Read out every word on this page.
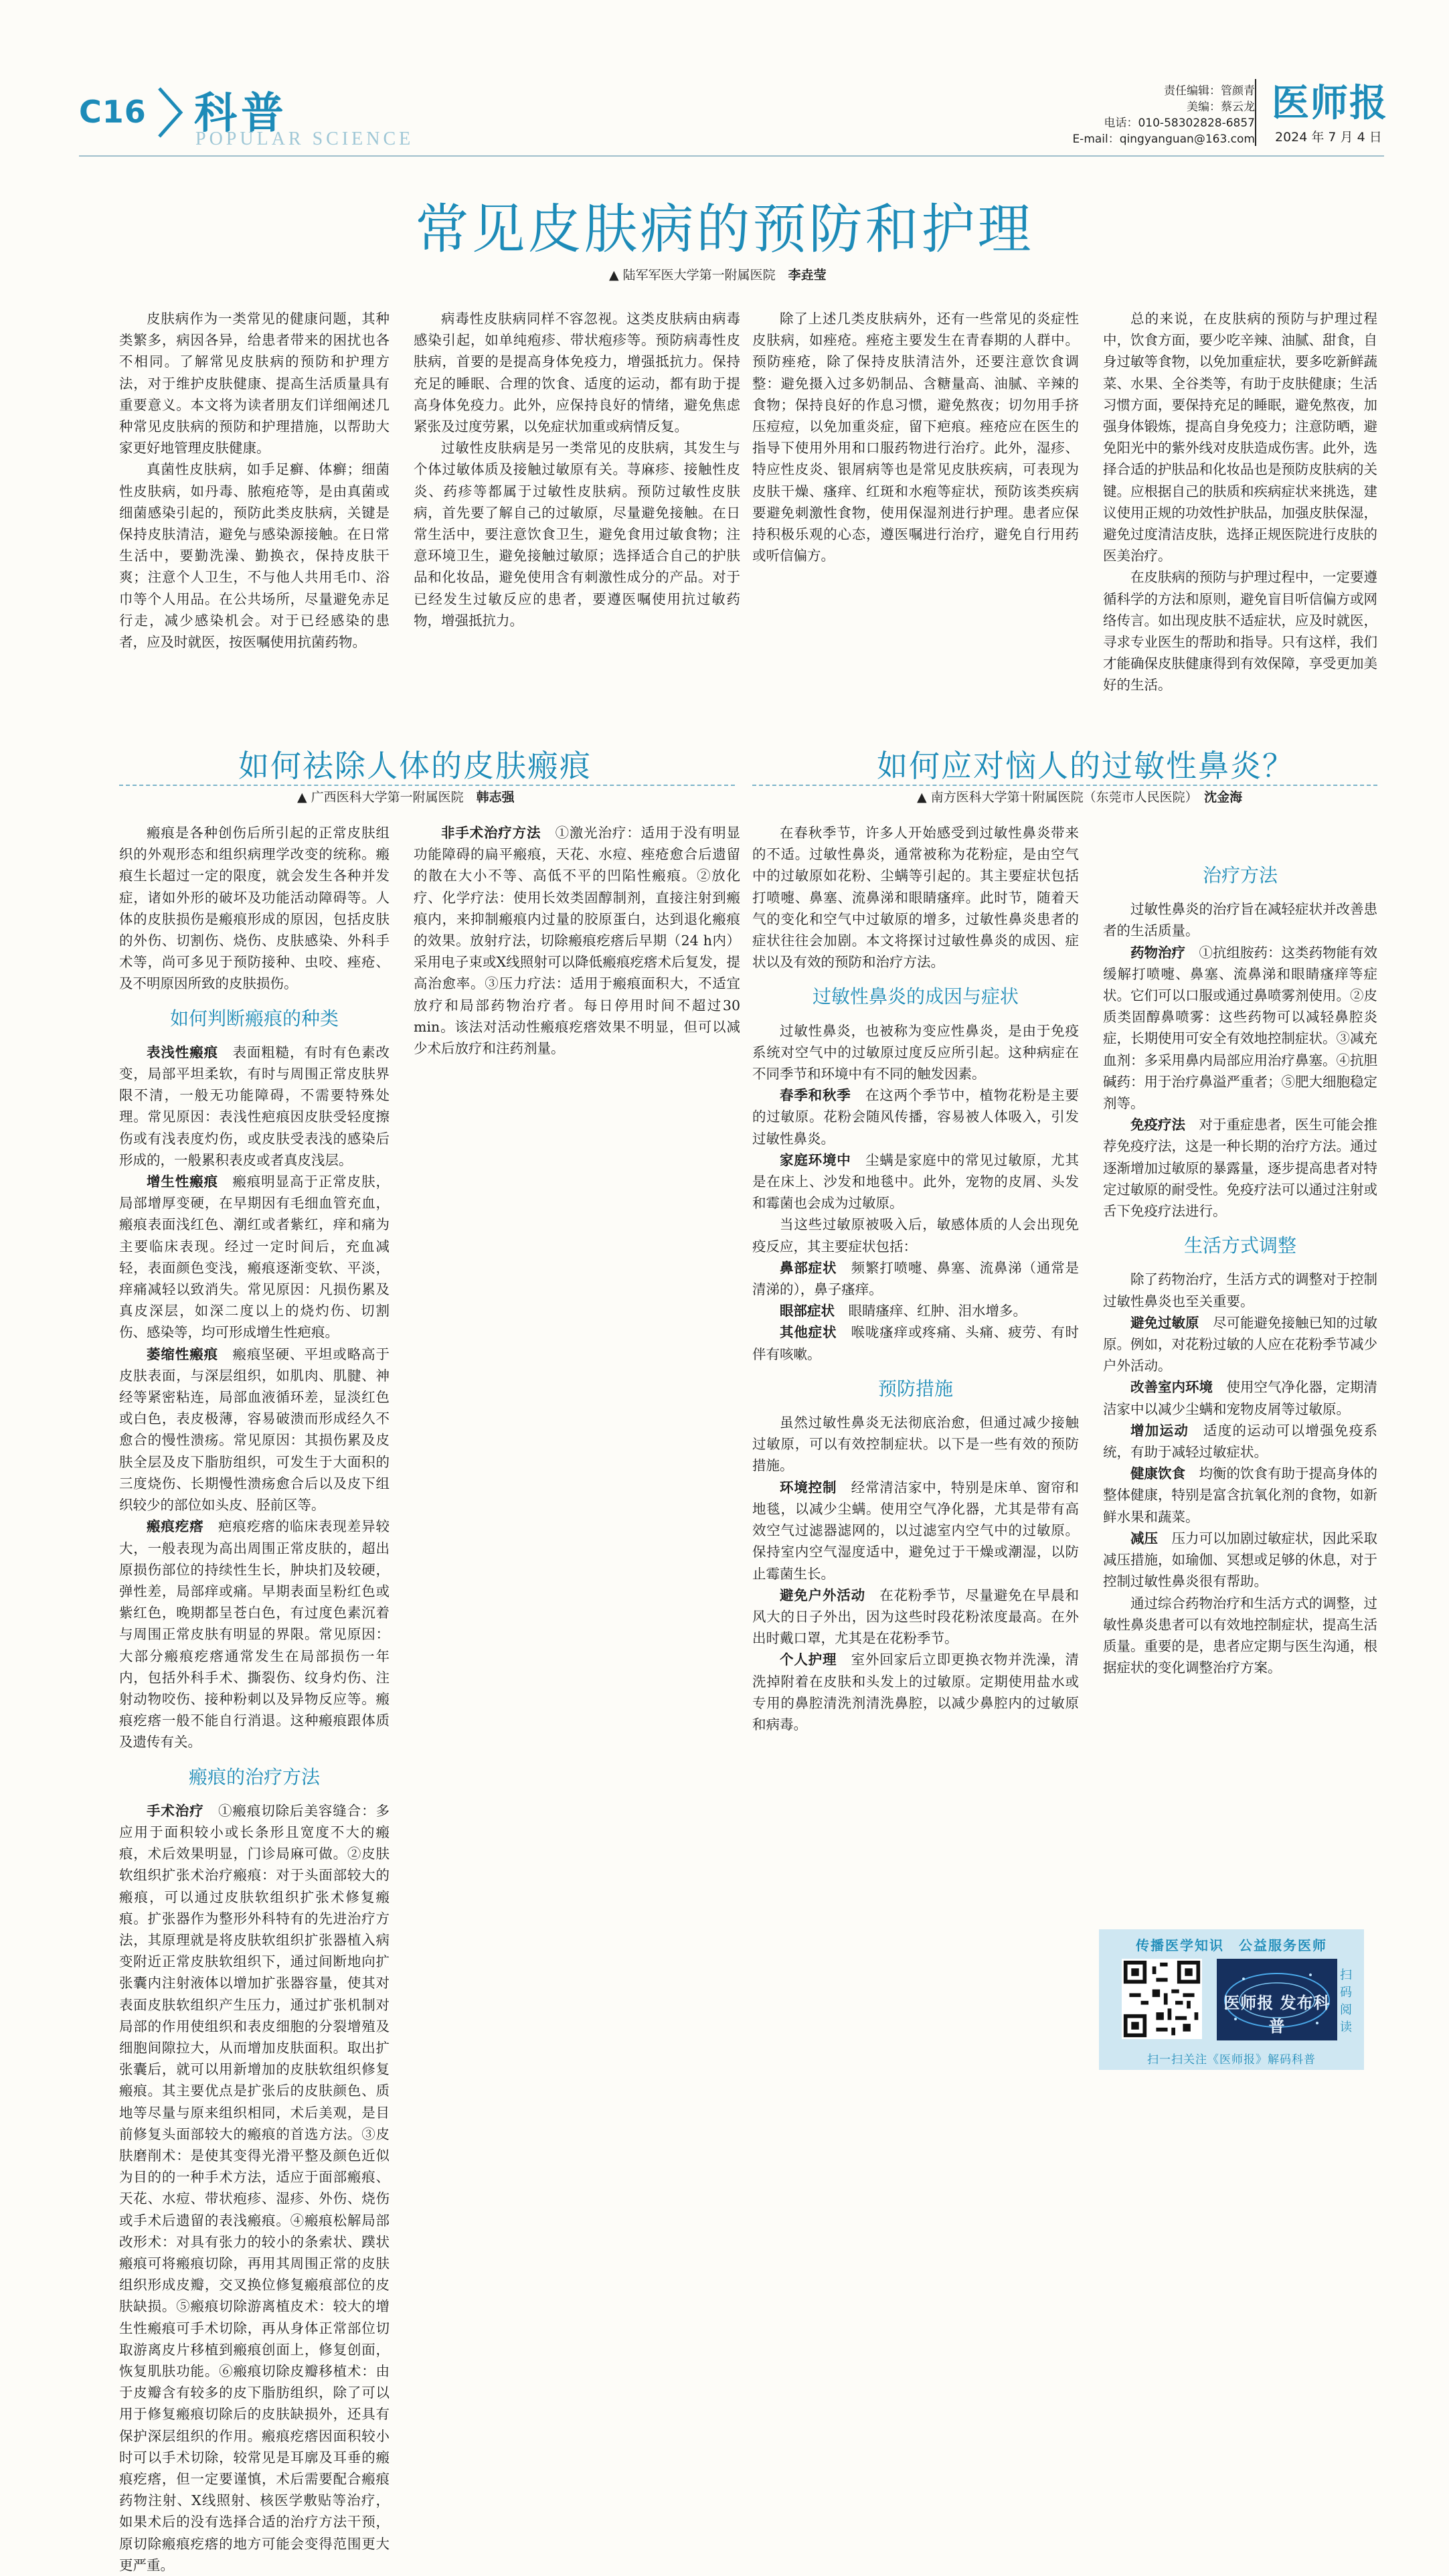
C16 科普
POPULAR SCIENCE
责任编辑：管颜青
美编：蔡云龙
电话：010-58302828-6857
E-mail：qingyanguan@163.com
医师报
2024 年 7 月 4 日
常见皮肤病的预防和护理
▲ 陆军军医大学第一附属医院　 李垚莹

皮肤病作为一类常见的健康问题，其种类繁多，病因各异，给患者带来的困扰也各不相同。了解常见皮肤病的预防和护理方法，对于维护皮肤健康、提高生活质量具有重要意义。本文将为读者朋友们详细阐述几种常见皮肤病的预防和护理措施，以帮助大家更好地管理皮肤健康。

真菌性皮肤病，如手足癣、体癣；细菌性皮肤病，如丹毒、脓疱疮等，是由真菌或细菌感染引起的，预防此类皮肤病，关键是保持皮肤清洁，避免与感染源接触。在日常生活中，要勤洗澡、勤换衣，保持皮肤干爽；注意个人卫生，不与他人共用毛巾、浴巾等个人用品。在公共场所，尽量避免赤足行走，减少感染机会。对于已经感染的患者，应及时就医，按医嘱使用抗菌药物。

病毒性皮肤病同样不容忽视。这类皮肤病由病毒感染引起，如单纯疱疹、带状疱疹等。预防病毒性皮肤病，首要的是提高身体免疫力，增强抵抗力。保持充足的睡眠、合理的饮食、适度的运动，都有助于提高身体免疫力。此外，应保持良好的情绪，避免焦虑紧张及过度劳累，以免症状加重或病情反复。

过敏性皮肤病是另一类常见的皮肤病，其发生与个体过敏体质及接触过敏原有关。荨麻疹、接触性皮炎、药疹等都属于过敏性皮肤病。预防过敏性皮肤病，首先要了解自己的过敏原，尽量避免接触。在日常生活中，要注意饮食卫生，避免食用过敏食物；注意环境卫生，避免接触过敏原；选择适合自己的护肤品和化妆品，避免使用含有刺激性成分的产品。对于已经发生过敏反应的患者，要遵医嘱使用抗过敏药物，增强抵抗力。

除了上述几类皮肤病外，还有一些常见的炎症性皮肤病，如痤疮。痤疮主要发生在青春期的人群中。预防痤疮，除了保持皮肤清洁外，还要注意饮食调整：避免摄入过多奶制品、含糖量高、油腻、辛辣的食物；保持良好的作息习惯，避免熬夜；切勿用手挤压痘痘，以免加重炎症，留下疤痕。痤疮应在医生的指导下使用外用和口服药物进行治疗。此外，湿疹、特应性皮炎、银屑病等也是常见皮肤疾病，可表现为皮肤干燥、瘙痒、红斑和水疱等症状，预防该类疾病要避免刺激性食物，使用保湿剂进行护理。患者应保持积极乐观的心态，遵医嘱进行治疗，避免自行用药或听信偏方。

总的来说，在皮肤病的预防与护理过程中，饮食方面，要少吃辛辣、油腻、甜食，自身过敏等食物，以免加重症状，要多吃新鲜蔬菜、水果、全谷类等，有助于皮肤健康；生活习惯方面，要保持充足的睡眠，避免熬夜，加强身体锻炼，提高自身免疫力；注意防晒，避免阳光中的紫外线对皮肤造成伤害。此外，选择合适的护肤品和化妆品也是预防皮肤病的关键。应根据自己的肤质和疾病症状来挑选，建议使用正规的功效性护肤品，加强皮肤保湿，避免过度清洁皮肤，选择正规医院进行皮肤的医美治疗。

在皮肤病的预防与护理过程中，一定要遵循科学的方法和原则，避免盲目听信偏方或网络传言。如出现皮肤不适症状，应及时就医，寻求专业医生的帮助和指导。只有这样，我们才能确保皮肤健康得到有效保障，享受更加美好的生活。

如何祛除人体的皮肤瘢痕
▲ 广西医科大学第一附属医院　 韩志强
如何应对恼人的过敏性鼻炎？
▲ 南方医科大学第十附属医院（东莞市人民医院）　 沈金海

瘢痕是各种创伤后所引起的正常皮肤组织的外观形态和组织病理学改变的统称。瘢痕生长超过一定的限度，就会发生各种并发症，诸如外形的破坏及功能活动障碍等。人体的皮肤损伤是瘢痕形成的原因，包括皮肤的外伤、切割伤、烧伤、皮肤感染、外科手术等，尚可多见于预防接种、虫咬、痤疮、及不明原因所致的皮肤损伤。

如何判断瘢痕的种类

表浅性瘢痕　 表面粗糙，有时有色素改变，局部平坦柔软，有时与周围正常皮肤界限不清，一般无功能障碍，不需要特殊处理。常见原因：表浅性疤痕因皮肤受轻度擦伤或有浅表度灼伤，或皮肤受表浅的感染后形成的，一般累积表皮或者真皮浅层。

增生性瘢痕　 瘢痕明显高于正常皮肤，局部增厚变硬，在早期因有毛细血管充血，瘢痕表面浅红色、潮红或者紫红，痒和痛为主要临床表现。经过一定时间后，充血减轻，表面颜色变浅，瘢痕逐渐变软、平淡，痒痛减轻以致消失。常见原因：凡损伤累及真皮深层，如深二度以上的烧灼伤、切割伤、感染等，均可形成增生性疤痕。

萎缩性瘢痕　 瘢痕坚硬、平坦或略高于皮肤表面，与深层组织，如肌肉、肌腱、神经等紧密粘连，局部血液循环差，显淡红色或白色，表皮极薄，容易破溃而形成经久不愈合的慢性溃疡。常见原因：其损伤累及皮肤全层及皮下脂肪组织，可发生于大面积的三度烧伤、长期慢性溃疡愈合后以及皮下组织较少的部位如头皮、胫前区等。

瘢痕疙瘩　 疤痕疙瘩的临床表现差异较大，一般表现为高出周围正常皮肤的，超出原损伤部位的持续性生长，肿块扪及较硬，弹性差，局部痒或痛。早期表面呈粉红色或紫红色，晚期都呈苍白色，有过度色素沉着与周围正常皮肤有明显的界限。常见原因：大部分瘢痕疙瘩通常发生在局部损伤一年内，包括外科手术、撕裂伤、纹身灼伤、注射动物咬伤、接种粉刺以及异物反应等。瘢痕疙瘩一般不能自行消退。这种瘢痕跟体质及遗传有关。

瘢痕的治疗方法

手术治疗　 ①瘢痕切除后美容缝合：多应用于面积较小或长条形且宽度不大的瘢痕，术后效果明显，门诊局麻可做。②皮肤软组织扩张术治疗瘢痕：对于头面部较大的瘢痕，可以通过皮肤软组织扩张术修复瘢痕。扩张器作为整形外科特有的先进治疗方法，其原理就是将皮肤软组织扩张器植入病变附近正常皮肤软组织下，通过间断地向扩张囊内注射液体以增加扩张器容量，使其对表面皮肤软组织产生压力，通过扩张机制对局部的作用使组织和表皮细胞的分裂增殖及细胞间隙拉大，从而增加皮肤面积。取出扩张囊后，就可以用新增加的皮肤软组织修复瘢痕。其主要优点是扩张后的皮肤颜色、质地等尽量与原来组织相同，术后美观，是目前修复头面部较大的瘢痕的首选方法。③皮肤磨削术：是使其变得光滑平整及颜色近似为目的的一种手术方法，适应于面部瘢痕、天花、水痘、带状疱疹、湿疹、外伤、烧伤或手术后遗留的表浅瘢痕。④瘢痕松解局部改形术：对具有张力的较小的条索状、蹼状瘢痕可将瘢痕切除，再用其周围正常的皮肤组织形成皮瓣，交叉换位修复瘢痕部位的皮肤缺损。⑤瘢痕切除游离植皮术：较大的增生性瘢痕可手术切除，再从身体正常部位切取游离皮片移植到瘢痕创面上，修复创面，恢复肌肤功能。⑥瘢痕切除皮瓣移植术：由于皮瓣含有较多的皮下脂肪组织，除了可以用于修复瘢痕切除后的皮肤缺损外，还具有保护深层组织的作用。瘢痕疙瘩因面积较小时可以手术切除，较常见是耳廓及耳垂的瘢痕疙瘩，但一定要谨慎，术后需要配合瘢痕药物注射、X线照射、核医学敷贴等治疗，如果术后的没有选择合适的治疗方法干预，原切除瘢痕疙瘩的地方可能会变得范围更大更严重。

非手术治疗方法　 ①激光治疗：适用于没有明显功能障碍的扁平瘢痕，天花、水痘、痤疮愈合后遗留的散在大小不等、高低不平的凹陷性瘢痕。②放化疗、化学疗法：使用长效类固醇制剂，直接注射到瘢痕内，来抑制瘢痕内过量的胶原蛋白，达到退化瘢痕的效果。放射疗法，切除瘢痕疙瘩后早期（24 h内）采用电子束或X线照射可以降低瘢痕疙瘩术后复发，提高治愈率。③压力疗法：适用于瘢痕面积大，不适宜放疗和局部药物治疗者。每日停用时间不超过30 min。该法对活动性瘢痕疙瘩效果不明显，但可以减少术后放疗和注药剂量。

在春秋季节，许多人开始感受到过敏性鼻炎带来的不适。过敏性鼻炎，通常被称为花粉症，是由空气中的过敏原如花粉、尘螨等引起的。其主要症状包括打喷嚏、鼻塞、流鼻涕和眼睛瘙痒。此时节，随着天气的变化和空气中过敏原的增多，过敏性鼻炎患者的症状往往会加剧。本文将探讨过敏性鼻炎的成因、症状以及有效的预防和治疗方法。

过敏性鼻炎的成因与症状

过敏性鼻炎，也被称为变应性鼻炎，是由于免疫系统对空气中的过敏原过度反应所引起。这种病症在不同季节和环境中有不同的触发因素。

春季和秋季　 在这两个季节中，植物花粉是主要的过敏原。花粉会随风传播，容易被人体吸入，引发过敏性鼻炎。

家庭环境中　 尘螨是家庭中的常见过敏原，尤其是在床上、沙发和地毯中。此外，宠物的皮屑、头发和霉菌也会成为过敏原。

当这些过敏原被吸入后，敏感体质的人会出现免疫反应，其主要症状包括：

鼻部症状　 频繁打喷嚏、鼻塞、流鼻涕（通常是清涕的），鼻子瘙痒。

眼部症状　 眼睛瘙痒、红肿、泪水增多。

其他症状　 喉咙瘙痒或疼痛、头痛、疲劳、有时伴有咳嗽。

预防措施

虽然过敏性鼻炎无法彻底治愈，但通过减少接触过敏原，可以有效控制症状。以下是一些有效的预防措施。

环境控制　 经常清洁家中，特别是床单、窗帘和地毯，以减少尘螨。使用空气净化器，尤其是带有高效空气过滤器滤网的，以过滤室内空气中的过敏原。保持室内空气湿度适中，避免过于干燥或潮湿，以防止霉菌生长。

避免户外活动　 在花粉季节，尽量避免在早晨和风大的日子外出，因为这些时段花粉浓度最高。在外出时戴口罩，尤其是在花粉季节。

个人护理　 室外回家后立即更换衣物并洗澡，清洗掉附着在皮肤和头发上的过敏原。定期使用盐水或专用的鼻腔清洗剂清洗鼻腔，以减少鼻腔内的过敏原和病毒。

治疗方法

过敏性鼻炎的治疗旨在减轻症状并改善患者的生活质量。

药物治疗　 ①抗组胺药：这类药物能有效缓解打喷嚏、鼻塞、流鼻涕和眼睛瘙痒等症状。它们可以口服或通过鼻喷雾剂使用。②皮质类固醇鼻喷雾：这些药物可以减轻鼻腔炎症，长期使用可安全有效地控制症状。③减充血剂：多采用鼻内局部应用治疗鼻塞。④抗胆碱药：用于治疗鼻溢严重者；⑤肥大细胞稳定剂等。

免疫疗法　 对于重症患者，医生可能会推荐免疫疗法，这是一种长期的治疗方法。通过逐渐增加过敏原的暴露量，逐步提高患者对特定过敏原的耐受性。免疫疗法可以通过注射或舌下免疫疗法进行。

生活方式调整

除了药物治疗，生活方式的调整对于控制过敏性鼻炎也至关重要。

避免过敏原　 尽可能避免接触已知的过敏原。例如，对花粉过敏的人应在花粉季节减少户外活动。

改善室内环境　 使用空气净化器，定期清洁家中以减少尘螨和宠物皮屑等过敏原。

增加运动　 适度的运动可以增强免疫系统，有助于减轻过敏症状。

健康饮食　 均衡的饮食有助于提高身体的整体健康，特别是富含抗氧化剂的食物，如新鲜水果和蔬菜。

减压　 压力可以加剧过敏症状，因此采取减压措施，如瑜伽、冥想或足够的休息，对于控制过敏性鼻炎很有帮助。

通过综合药物治疗和生活方式的调整，过敏性鼻炎患者可以有效地控制症状，提高生活质量。重要的是，患者应定期与医生沟通，根据症状的变化调整治疗方案。

传播医学知识　公益服务医师
医师报 发布科普
扫码阅读
扫一扫关注《医师报》解码科普
